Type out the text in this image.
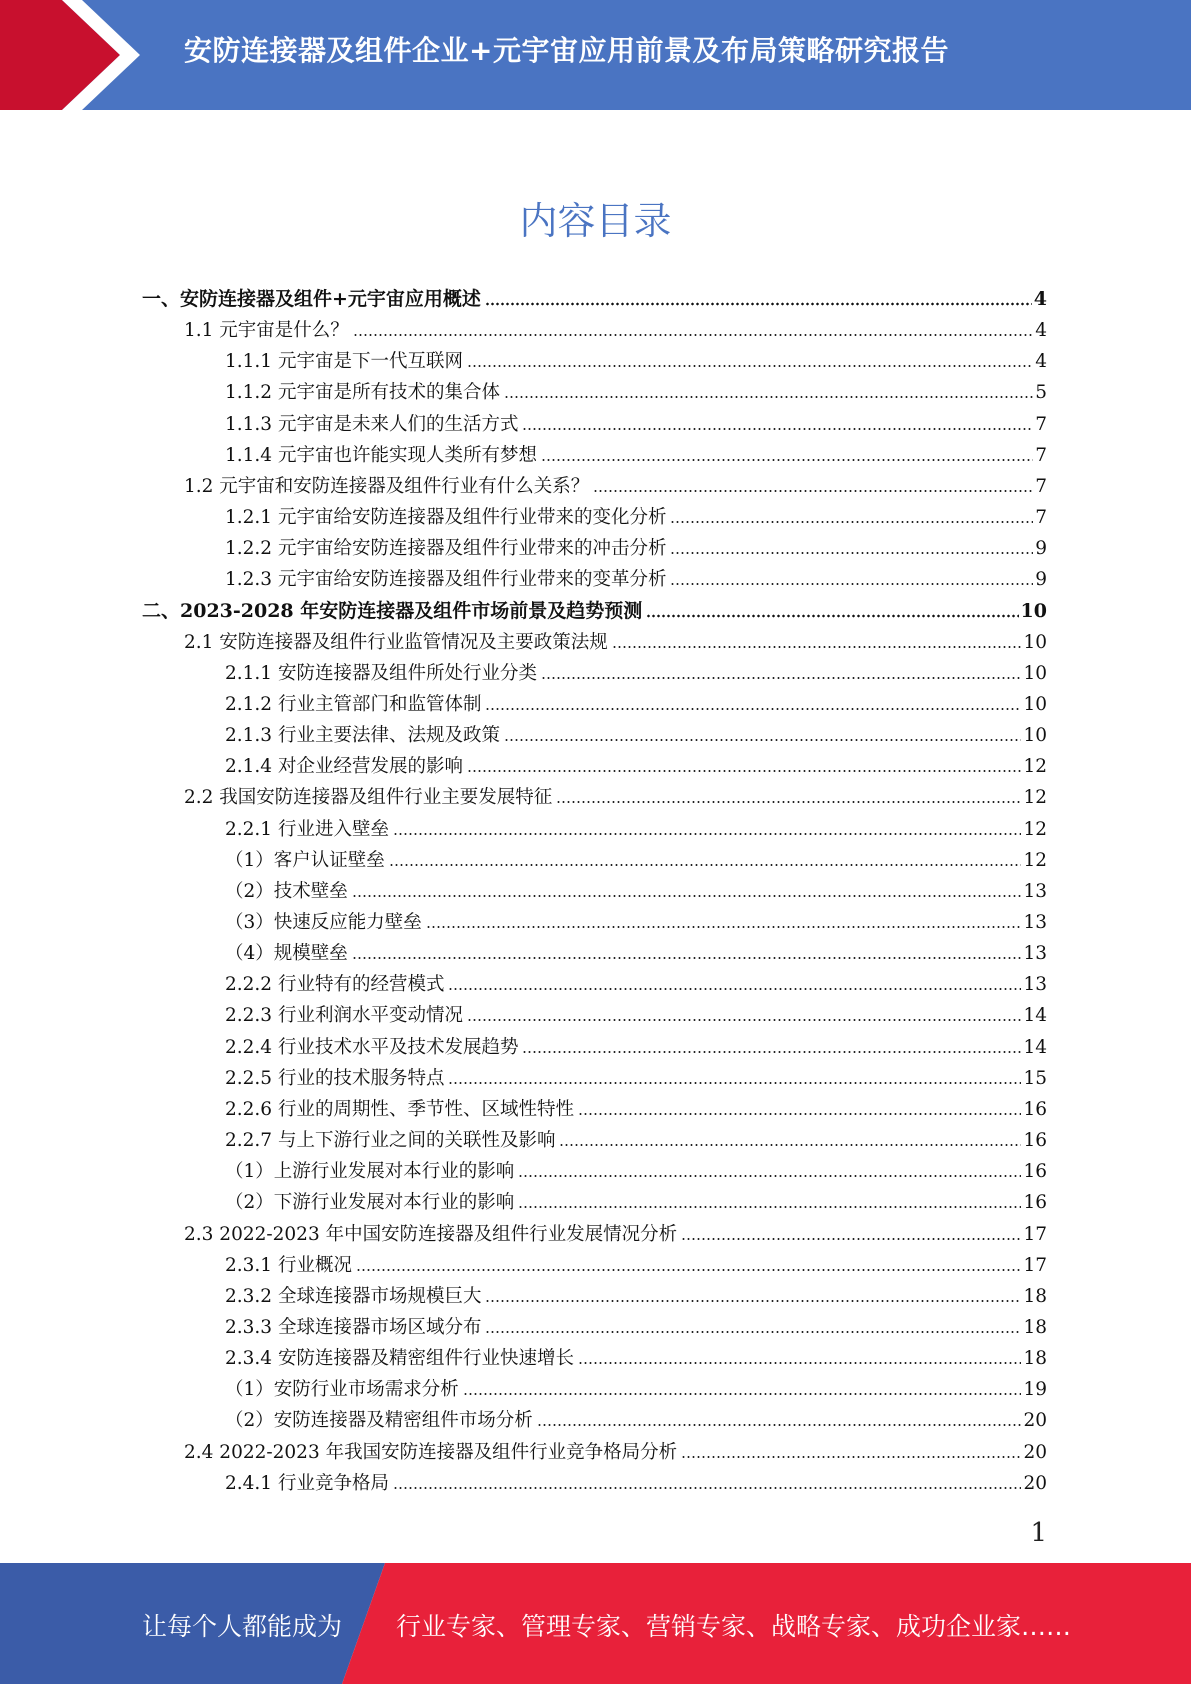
安防连接器及组件企业+元宇宙应用前景及布局策略研究报告
内容目录
一、安防连接器及组件+元宇宙应用概述	4
1.1 元宇宙是什么？	4
1.1.1 元宇宙是下一代互联网	4
1.1.2 元宇宙是所有技术的集合体	5
1.1.3 元宇宙是未来人们的生活方式	7
1.1.4 元宇宙也许能实现人类所有梦想	7
1.2 元宇宙和安防连接器及组件行业有什么关系？	7
1.2.1 元宇宙给安防连接器及组件行业带来的变化分析	7
1.2.2 元宇宙给安防连接器及组件行业带来的冲击分析	9
1.2.3 元宇宙给安防连接器及组件行业带来的变革分析	9
二、2023-2028 年安防连接器及组件市场前景及趋势预测	10
2.1 安防连接器及组件行业监管情况及主要政策法规	10
2.1.1 安防连接器及组件所处行业分类	10
2.1.2 行业主管部门和监管体制	10
2.1.3 行业主要法律、法规及政策	10
2.1.4 对企业经营发展的影响	12
2.2 我国安防连接器及组件行业主要发展特征	12
2.2.1 行业进入壁垒	12
（1）客户认证壁垒	12
（2）技术壁垒	13
（3）快速反应能力壁垒	13
（4）规模壁垒	13
2.2.2 行业特有的经营模式	13
2.2.3 行业利润水平变动情况	14
2.2.4 行业技术水平及技术发展趋势	14
2.2.5 行业的技术服务特点	15
2.2.6 行业的周期性、季节性、区域性特性	16
2.2.7 与上下游行业之间的关联性及影响	16
（1）上游行业发展对本行业的影响	16
（2）下游行业发展对本行业的影响	16
2.3 2022-2023 年中国安防连接器及组件行业发展情况分析	17
2.3.1 行业概况	17
2.3.2 全球连接器市场规模巨大	18
2.3.3 全球连接器市场区域分布	18
2.3.4 安防连接器及精密组件行业快速增长	18
（1）安防行业市场需求分析	19
（2）安防连接器及精密组件市场分析	20
2.4 2022-2023 年我国安防连接器及组件行业竞争格局分析	20
2.4.1 行业竞争格局	20
1
让每个人都能成为 行业专家、管理专家、营销专家、战略专家、成功企业家……
